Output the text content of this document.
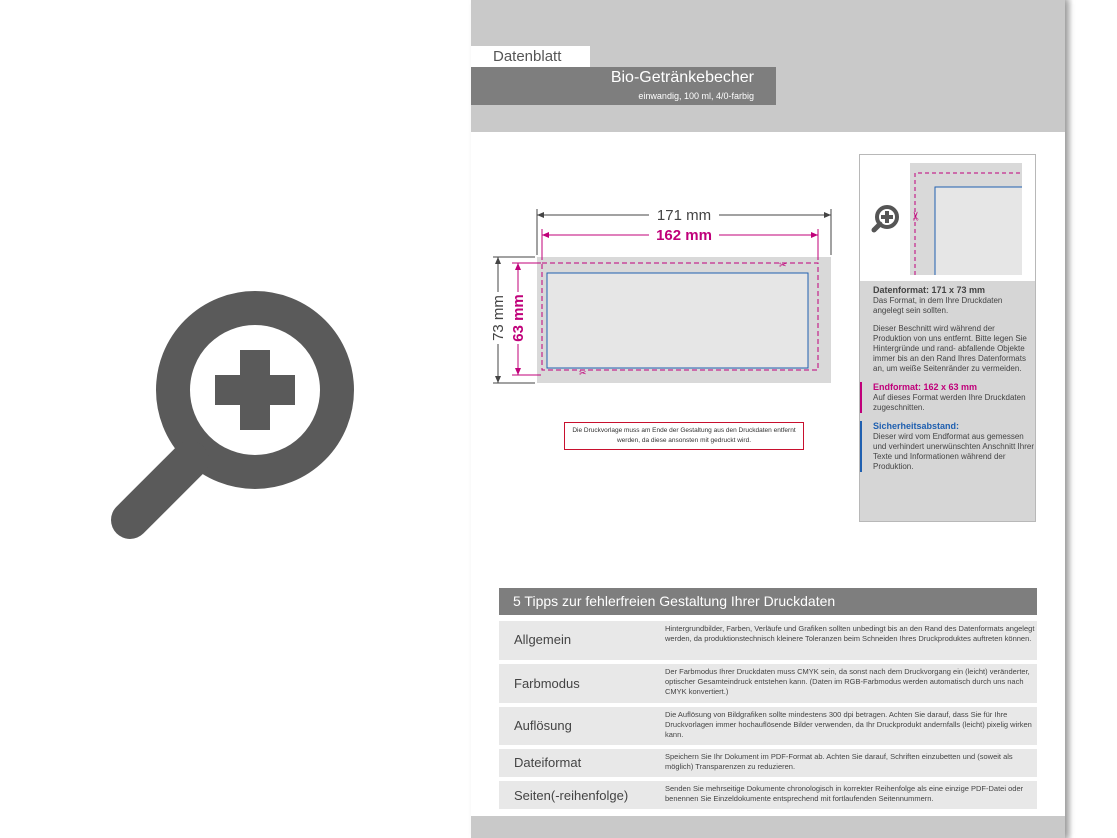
Datenblatt
Bio-Getränkebecher
einwandig, 100 ml, 4/0-farbig
171 mm
162 mm
73 mm 63 mm
✂
✂
Die Druckvorlage muss am Ende der Gestaltung aus den Druckdaten entfernt werden, da diese ansonsten mit gedruckt wird.
✂

Datenformat: 171 x 73 mm
Das Format, in dem Ihre Druckdaten angelegt sein sollten.

Dieser Beschnitt wird während der Produktion von uns entfernt. Bitte legen Sie Hintergründe und rand- abfallende Objekte immer bis an den Rand Ihres Datenformats an, um weiße Seitenränder zu vermeiden.

Endformat: 162 x 63 mm
Auf dieses Format werden Ihre Druckdaten zugeschnitten.

Sicherheitsabstand:
Dieser wird vom Endformat aus gemessen und verhindert unerwünschten Anschnitt Ihrer Texte und Informationen während der Produktion.

5 Tipps zur fehlerfreien Gestaltung Ihrer Druckdaten
Allgemein
Hintergrundbilder, Farben, Verläufe und Grafiken sollten unbedingt bis an den Rand des Datenformats angelegt werden, da produktionstechnisch kleinere Toleranzen beim Schneiden Ihres Druckproduktes auftreten können.
Farbmodus
Der Farbmodus Ihrer Druckdaten muss CMYK sein, da sonst nach dem Druckvorgang ein (leicht) veränderter, optischer Gesamteindruck entstehen kann. (Daten im RGB-Farbmodus werden automatisch durch uns nach CMYK konvertiert.)
Auflösung
Die Auflösung von Bildgrafiken sollte mindestens 300 dpi betragen. Achten Sie darauf, dass Sie für Ihre Druckvorlagen immer hochauflösende Bilder verwenden, da Ihr Druckprodukt andernfalls (leicht) pixelig wirken kann.
Dateiformat	Speichern Sie Ihr Dokument im PDF-Format ab. Achten Sie darauf, Schriften einzubetten und (soweit als möglich) Transparenzen zu reduzieren.
Seiten(-reihenfolge)	Senden Sie mehrseitige Dokumente chronologisch in korrekter Reihenfolge als eine einzige PDF-Datei oder benennen Sie Einzeldokumente entsprechend mit fortlaufenden Seitennummern.
